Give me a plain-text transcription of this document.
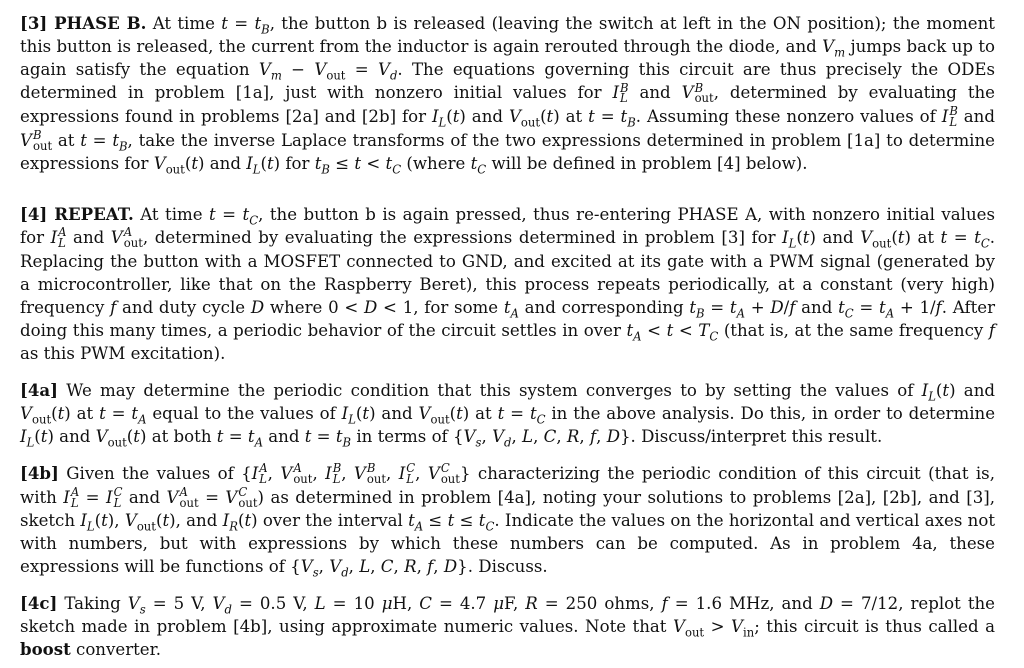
[3] PHASE B. At time $t = t_B$, the button b is released (leaving the switch at left in the ON position); the moment this button is released, the current from the inductor is again rerouted through the diode, and $V_m$ jumps back up to again satisfy the equation $V_m - V_{out} = V_d$. The equations governing this circuit are thus precisely the ODEs determined in problem [1a], just with nonzero initial values for I B
L and V B
out , determined by evaluating the expressions found in problems [2a] and [2b] for $I_L(t)$ and $V_{out}(t)$ at $t = t_B$. Assuming these nonzero values of I B
L and V B
out at $t = t_B$, take the inverse Laplace transforms of the two expressions determined in problem [1a] to determine expressions for $V_{out}(t)$ and $I_L(t)$ for $t_B \le t < t_C$ (where $t_C$ will be defined in problem [4] below).

[4] REPEAT. At time $t = t_C$, the button b is again pressed, thus re-entering PHASE A, with nonzero initial values for I A
L and V A
out , determined by evaluating the expressions determined in problem [3] for $I_L(t)$ and $V_{out}(t)$ at $t = t_C$. Replacing the button with a MOSFET connected to GND, and excited at its gate with a PWM signal (generated by a microcontroller, like that on the Raspberry Beret), this process repeats periodically, at a constant (very high) frequency f and duty cycle D where 0 < D < 1, for some $t_A$ and corresponding $t_B = t_A + D/f$ and $t_C = t_A + 1/f$. After doing this many times, a periodic behavior of the circuit settles in over $t_A < t < T_C$ (that is, at the same frequency f as this PWM excitation).

[4a] We may determine the periodic condition that this system converges to by setting the values of $I_L(t)$ and $V_{out}(t)$ at $t = t_A$ equal to the values of $I_L(t)$ and $V_{out}(t)$ at $t = t_C$ in the above analysis. Do this, in order to determine $I_L(t)$ and $V_{out}(t)$ at both $t = t_A$ and $t = t_B$ in terms of {$V_s$, $V_d$, L, C, R, f, D}. Discuss/interpret this result.

[4b] Given the values of {I A
L , V A
out , I B
L , V B
out , I C
L , V C
out } characterizing the periodic condition of this circuit (that is, with I A
L = I C
L and V A
out = V C
out ) as determined in problem [4a], noting your solutions to problems [2a], [2b], and [3], sketch $I_L(t)$, $V_{out}(t)$, and $I_R(t)$ over the interval $t_A \le t \le t_C$. Indicate the values on the horizontal and vertical axes not with numbers, but with expressions by which these numbers can be computed. As in problem 4a, these expressions will be functions of {$V_s$, $V_d$, L, C, R, f, D}. Discuss.

[4c] Taking $V_s = 5$ V, $V_d = 0.5$ V, L = 10 μH, C = 4.7 μF, R = 250 ohms, f = 1.6 MHz, and D = 7/12, replot the sketch made in problem [4b], using approximate numeric values. Note that $V_{out} > V_{in}$; this circuit is thus called a boost converter.
